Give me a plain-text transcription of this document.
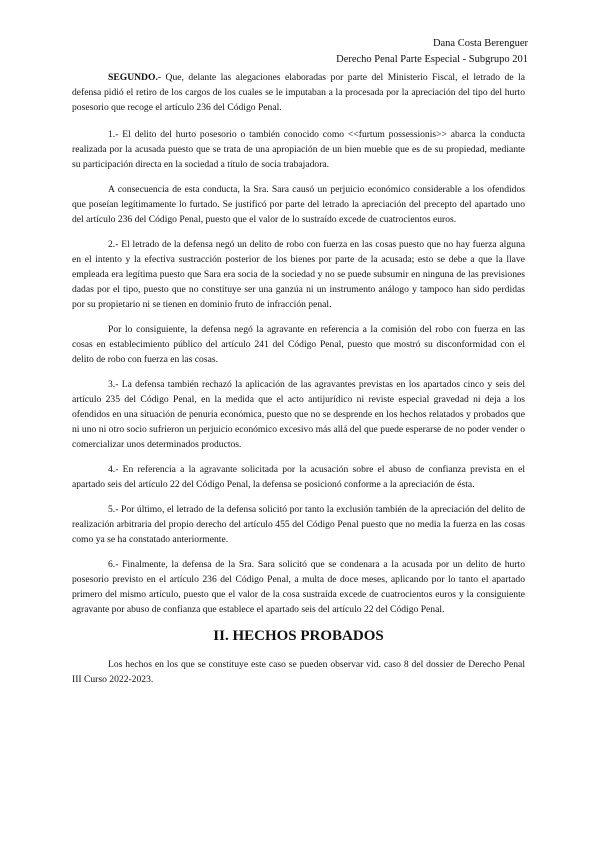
Dana Costa Berenguer
Derecho Penal Parte Especial - Subgrupo 201

SEGUNDO.- Que, delante las alegaciones elaboradas por parte del Ministerio Fiscal, el letrado de la defensa pidió el retiro de los cargos de los cuales se le imputaban a la procesada por la apreciación del tipo del hurto posesorio que recoge el artículo 236 del Código Penal.

1.- El delito del hurto posesorio o también conocido como <<furtum possessionis>> abarca la conducta realizada por la acusada puesto que se trata de una apropiación de un bien mueble que es de su propiedad, mediante su participación directa en la sociedad a título de socia trabajadora.

A consecuencia de esta conducta, la Sra. Sara causó un perjuicio económico considerable a los ofendidos que poseían legítimamente lo furtado. Se justificó por parte del letrado la apreciación del precepto del apartado uno del artículo 236 del Código Penal, puesto que el valor de lo sustraído excede de cuatrocientos euros.

2.- El letrado de la defensa negó un delito de robo con fuerza en las cosas puesto que no hay fuerza alguna en el intento y la efectiva sustracción posterior de los bienes por parte de la acusada; esto se debe a que la llave empleada era legítima puesto que Sara era socia de la sociedad y no se puede subsumir en ninguna de las previsiones dadas por el tipo, puesto que no constituye ser una ganzúa ni un instrumento análogo y tampoco han sido perdidas por su propietario ni se tienen en dominio fruto de infracción penal.

Por lo consiguiente, la defensa negó la agravante en referencia a la comisión del robo con fuerza en las cosas en establecimiento público del artículo 241 del Código Penal, puesto que mostró su disconformidad con el delito de robo con fuerza en las cosas.

3.- La defensa también rechazó la aplicación de las agravantes previstas en los apartados cinco y seis del artículo 235 del Código Penal, en la medida que el acto antijurídico ni reviste especial gravedad ni deja a los ofendidos en una situación de penuria económica, puesto que no se desprende en los hechos relatados y probados que ni uno ni otro socio sufrieron un perjuicio económico excesivo más allá del que puede esperarse de no poder vender o comercializar unos determinados productos.

4.- En referencia a la agravante solicitada por la acusación sobre el abuso de confianza prevista en el apartado seis del artículo 22 del Código Penal, la defensa se posicionó conforme a la apreciación de ésta.

5.- Por último, el letrado de la defensa solicitó por tanto la exclusión también de la apreciación del delito de realización arbitraria del propio derecho del artículo 455 del Código Penal puesto que no media la fuerza en las cosas como ya se ha constatado anteriormente.

6.- Finalmente, la defensa de la Sra. Sara solicitó que se condenara a la acusada por un delito de hurto posesorio previsto en el artículo 236 del Código Penal, a multa de doce meses, aplicando por lo tanto el apartado primero del mismo artículo, puesto que el valor de la cosa sustraída excede de cuatrocientos euros y la consiguiente agravante por abuso de confianza que establece el apartado seis del artículo 22 del Código Penal.

II. HECHOS PROBADOS

Los hechos en los que se constituye este caso se pueden observar vid. caso 8 del dossier de Derecho Penal III Curso 2022-2023.
